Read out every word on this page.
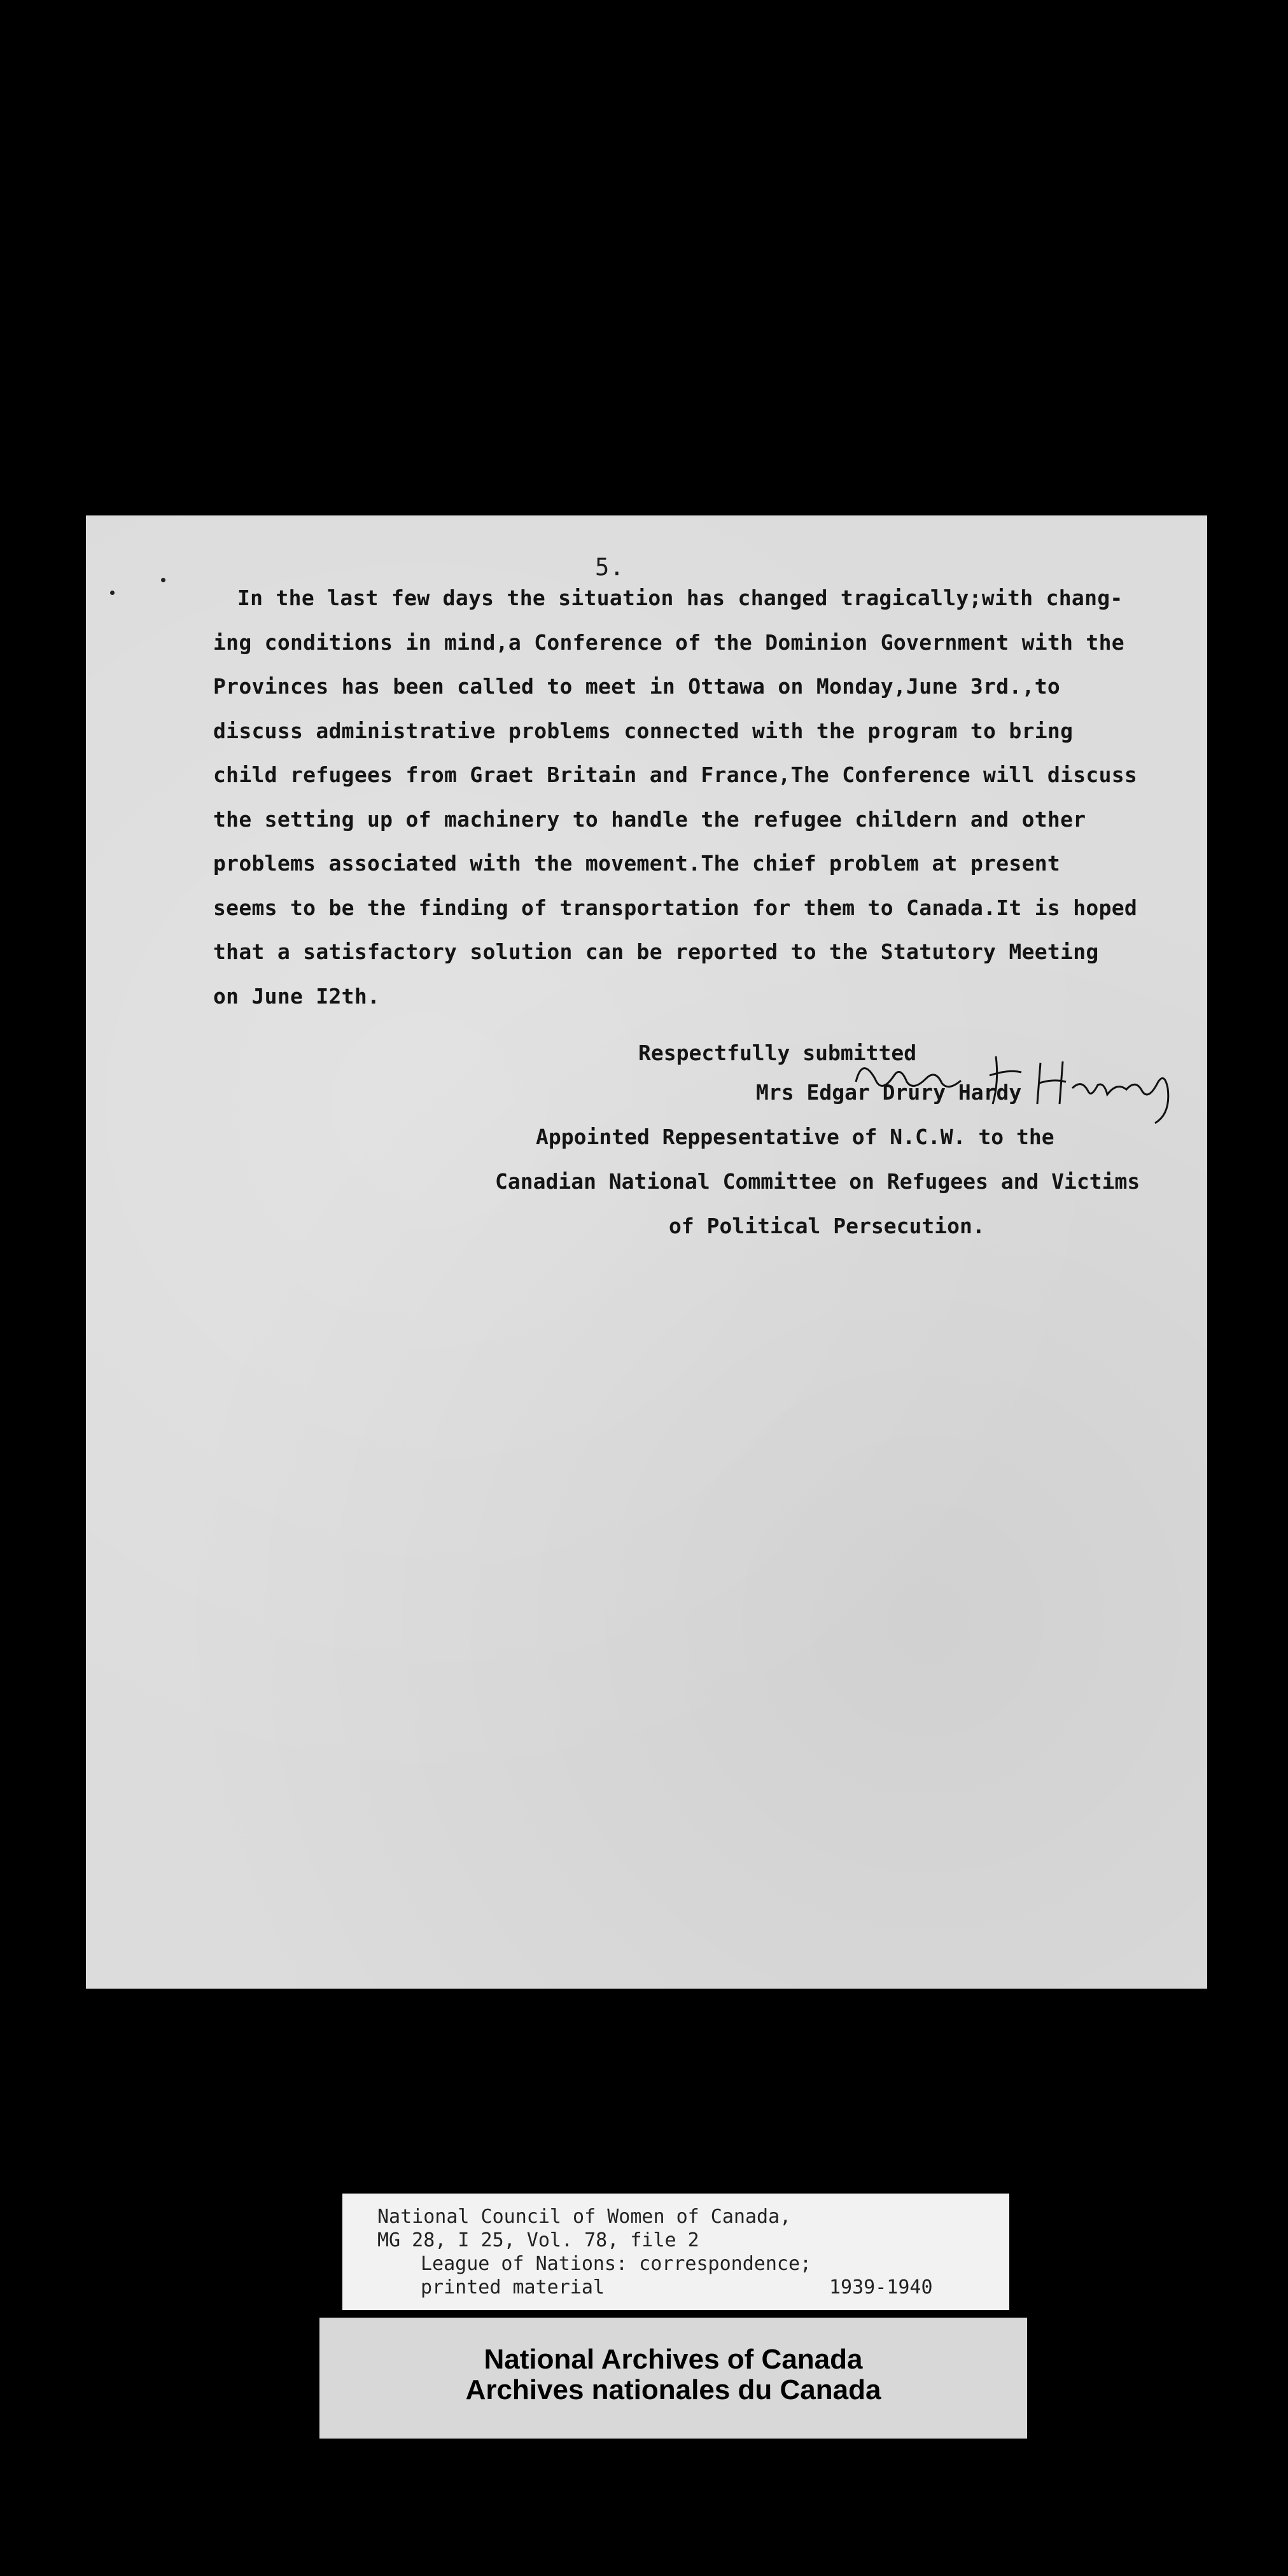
5.
In the last few days the situation has changed tragically;with chang-
ing conditions in mind,a Conference of the Dominion Government with the
Provinces has been called to meet in Ottawa on Monday,June 3rd.,to
discuss administrative problems connected with the program to bring
child refugees from Graet Britain and France,The Conference will discuss
the setting up of machinery to handle the refugee childern and other
problems associated with the movement.The chief problem at present
seems to be the finding of transportation for them to Canada.It is hoped
that a satisfactory solution can be reported to the Statutory Meeting
on June I2th.
Respectfully submitted
Mrs Edgar Drury Hardy
Appointed Reppesentative of N.C.W. to the
Canadian National Committee on Refugees and Victims
of Political Persecution.
National Council of Women of Canada,
MG 28, I 25, Vol. 78, file 2
League of Nations: correspondence;
printed material	1939-1940
National Archives of Canada
Archives nationales du Canada
